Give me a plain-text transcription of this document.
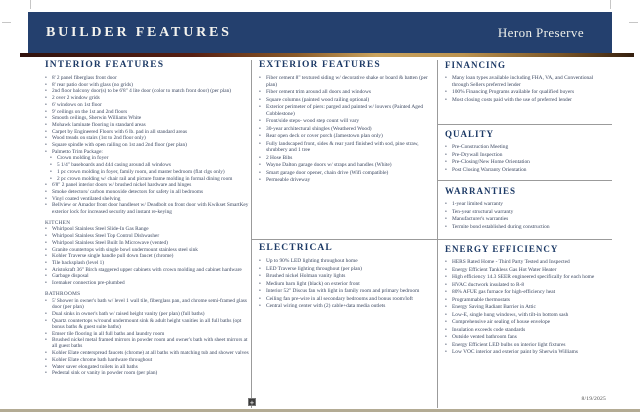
BUILDER FEATURES	Heron Preserve
INTERIOR FEATURES
• 8' 2 panel fiberglass front door
• 8' rear patio door with glass (no grids)
• 2nd floor balcony door(s) to be 6'8" 4 lite door (color to match front door) (per plan)
• 2 over 2 window grids
• 6' windows on 1st floor
• 9' ceilings on the 1st and 2nd floors
• Smooth ceilings, Sherwin Williams White
• Mohawk laminate flooring in standard areas
• Carpet by Engineered Floors with 6 lb. pad in all standard areas
• Wood treads on stairs (1st to 2nd floor only)
• Square spindle with open railing on 1st and 2nd floor (per plan)
• Palmetto Trim Package:
• Crown molding in foyer
• 5 1/4" baseboards and 444 casing around all windows
• 1 pc crown molding in foyer, family room, and master bedroom (flat clgs only)
• 2 pc crown molding w/ chair rail and picture frame molding in formal dining room
• 6'8" 2 panel interior doors w/ brushed nickel hardware and hinges
• Smoke detectors/ carbon monoxide detectors for safety in all bedrooms
• Vinyl coated ventilated shelving
• Bellview or Amador front door handleset w/ Deadbolt on front door with Kwikset SmartKey exterior lock for increased security and instant re-keying
KITCHEN
• Whirlpool Stainless Steel Slide-In Gas Range
• Whirlpool Stainless Steel Top Control Dishwasher
• Whirlpool Stainless Steel Built In Microwave (vented)
• Granite countertops with single bowl undermount stainless steel sink
• Kohler Traverse single handle pull down faucet (chrome)
• Tile backsplash (level 1)
• Aristokraft 36" Birch staggered upper cabinets with crown molding and cabinet hardware
• Garbage disposal
• Icemaker connection pre-plumbed
BATHROOMS
• 5' Shower in owner's bath w/ level 1 wall tile, fiberglass pan, and chrome semi-framed glass door (per plan)
• Dual sinks in owner's bath w/ raised height vanity (per plan) (full baths)
• Quartz countertops w/round undermount sink & adult height vanities in all full baths (opt bonus baths & guest suite baths)
• Emser tile flooring in all full baths and laundry room
• Brushed nickel metal framed mirrors in powder room and owner's bath with sheet mirrors at all guest baths
• Kohler Elate centerspread faucets (chrome) at all baths with matching tub and shower valves
• Kohler Elate chrome bath hardware throughout
• Water saver elongated toilets in all baths
• Pedestal sink or vanity in powder room (per plan)
EXTERIOR FEATURES
• Fiber cement 8" textured siding w/ decorative shake or board & batten (per plan)
• Fiber cement trim around all doors and windows
• Square columns (painted wood railing optional)
• Exterior perimeter of piers: parged and painted w/ louvers (Painted Aged Cobblestone)
• Front/side steps- wood step count will vary
• 30-year architectural shingles (Weathered Wood)
• Rear open deck or cover porch (Jamestown plan only)
• Fully landscaped front, sides & rear yard finished with sod, pine straw, shrubbery and 1 tree
• 2 Hose Bibs
• Wayne Dalton garage doors w/ straps and handles (White)
• Smart garage door opener, chain drive (Wifi compatible)
• Permeable driveway
ELECTRICAL
• Up to 90% LED lighting throughout home
• LED Traverse lighting throughout (per plan)
• Brushed nickel Holman vanity lights
• Medium barn light (black) on exterior front
• Interior 52" Discus fan with light in family room and primary bedroom
• Ceiling fan pre-wire in all secondary bedrooms and bonus room/loft
• Central wiring center with (2) cable+data media outlets
FINANCING
• Many loan types available including FHA, VA, and Conventional through Sellers preferred lender
• 100% Financing Programs available for qualified buyers
• Most closing costs paid with the use of preferred lender
QUALITY
• Pre-Construction Meeting
• Pre-Drywall Inspection
• Pre-Closing/New Home Orientation
• Post Closing Warranty Orientation
WARRANTIES
• 1-year limited warranty
• Ten-year structural warranty
• Manufacturer's warranties
• Termite bond established during construction
ENERGY EFFICIENCY
• HERS Rated Home - Third Party Tested and Inspected
• Energy Efficient Tankless Gas Hot Water Heater
• High efficiency 14.3 SEER engineered specifically for each home
• HVAC ductwork insulated to R-8
• 80% AFUE gas furnace for high-efficiency heat
• Programmable thermostats
• Energy Saving Radiant Barrier in Attic
• Low-E, single hung windows, with tilt-in bottom sash
• Comprehensive air sealing of house envelope
• Insulation exceeds code standards
• Outside vented bathroom fans
• Energy Efficient LED bulbs on interior light fixtures
• Low VOC interior and exterior paint by Sherwin Williams
+	8/19/2025
